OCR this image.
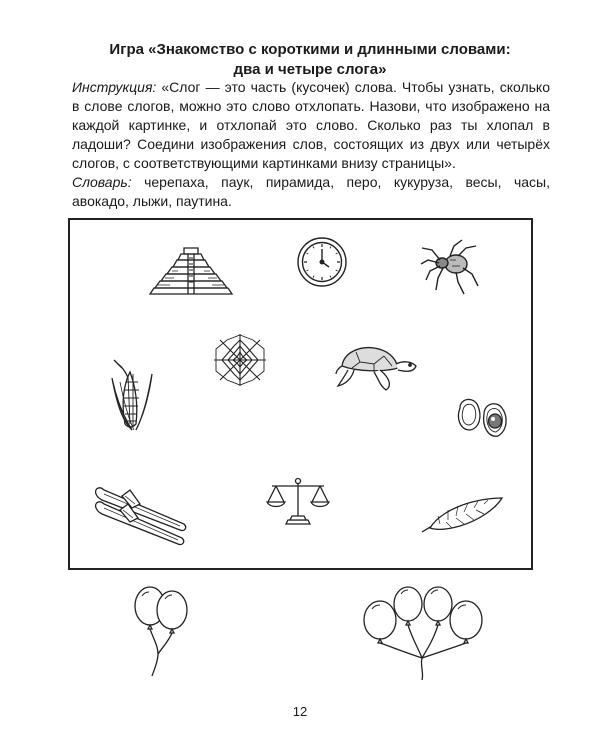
Игра «Знакомство с короткими и длинными словами:
два и четыре слога»

Инструкция: «Слог — это часть (кусочек) слова. Чтобы узнать, сколько в слове слогов, можно это слово отхлопать. Назови, что изображено на каждой картинке, и отхлопай это слово. Сколько раз ты хлопал в ладоши? Соедини изображения слов, состоящих из двух или четырёх слогов, с соответствующими картинками внизу страницы».

Словарь: черепаха, паук, пирамида, перо, кукуруза, весы, часы, авокадо, лыжи, паутина.

12
